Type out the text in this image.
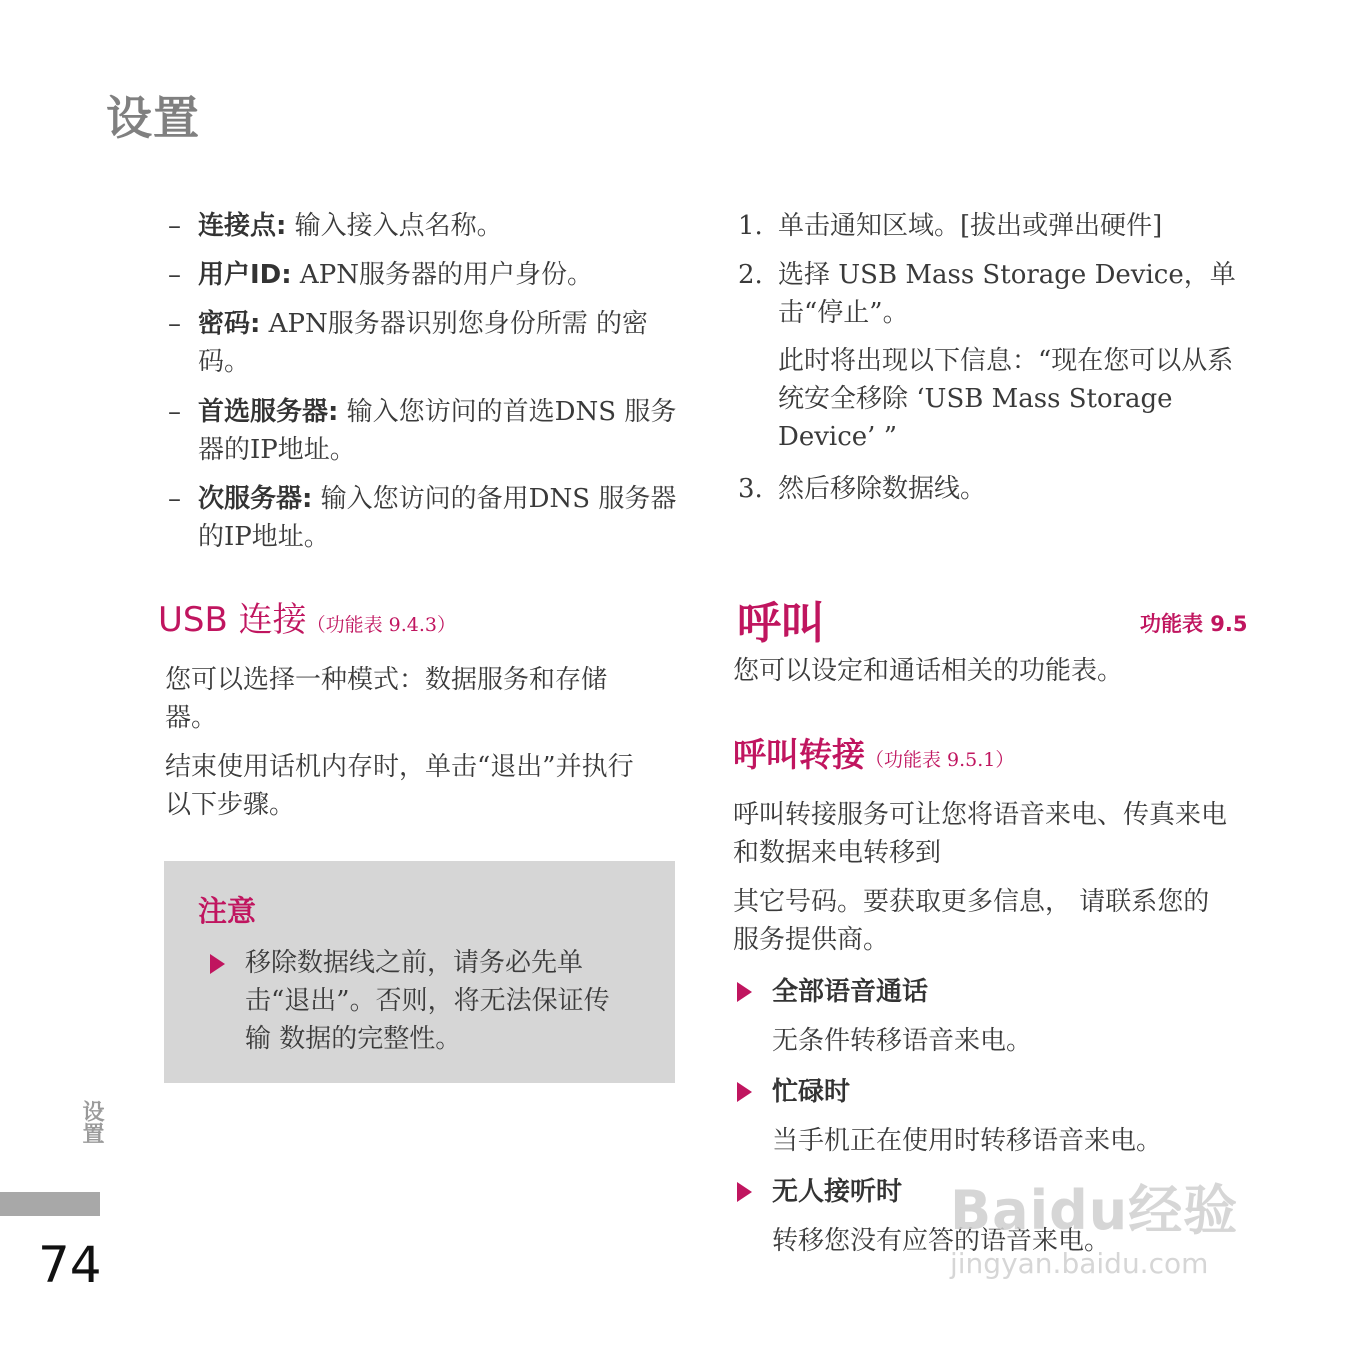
设置
– 连接点: 输入接入点名称。
– 用户ID: APN服务器的用户身份。
– 密码: APN服务器识别您身份所需 的密码。
– 首选服务器: 输入您访问的首选DNS 服务器的IP地址。
– 次服务器: 输入您访问的备用DNS 服务器的IP地址。
USB 连接（功能表 9.4.3）
您可以选择一种模式：数据服务和存储器。
结束使用话机内存时，单击“退出”并执行以下步骤。
注意
移除数据线之前，请务必先单击“退出”。否则，将无法保证传输 数据的完整性。
1. 单击通知区域。[拔出或弹出硬件]
2. 选择 USB Mass Storage Device，单击“停止”。
此时将出现以下信息：“现在您可以从系统安全移除 ‘USB Mass Storage Device’ ”
3. 然后移除数据线。
呼叫	功能表 9.5
您可以设定和通话相关的功能表。
呼叫转接（功能表 9.5.1）
呼叫转接服务可让您将语音来电、传真来电和数据来电转移到
其它号码。要获取更多信息， 请联系您的服务提供商。
全部语音通话
无条件转移语音来电。
忙碌时
当手机正在使用时转移语音来电。
无人接听时
转移您没有应答的语音来电。
设置
74
Baidu经验
jingyan.baidu.com
